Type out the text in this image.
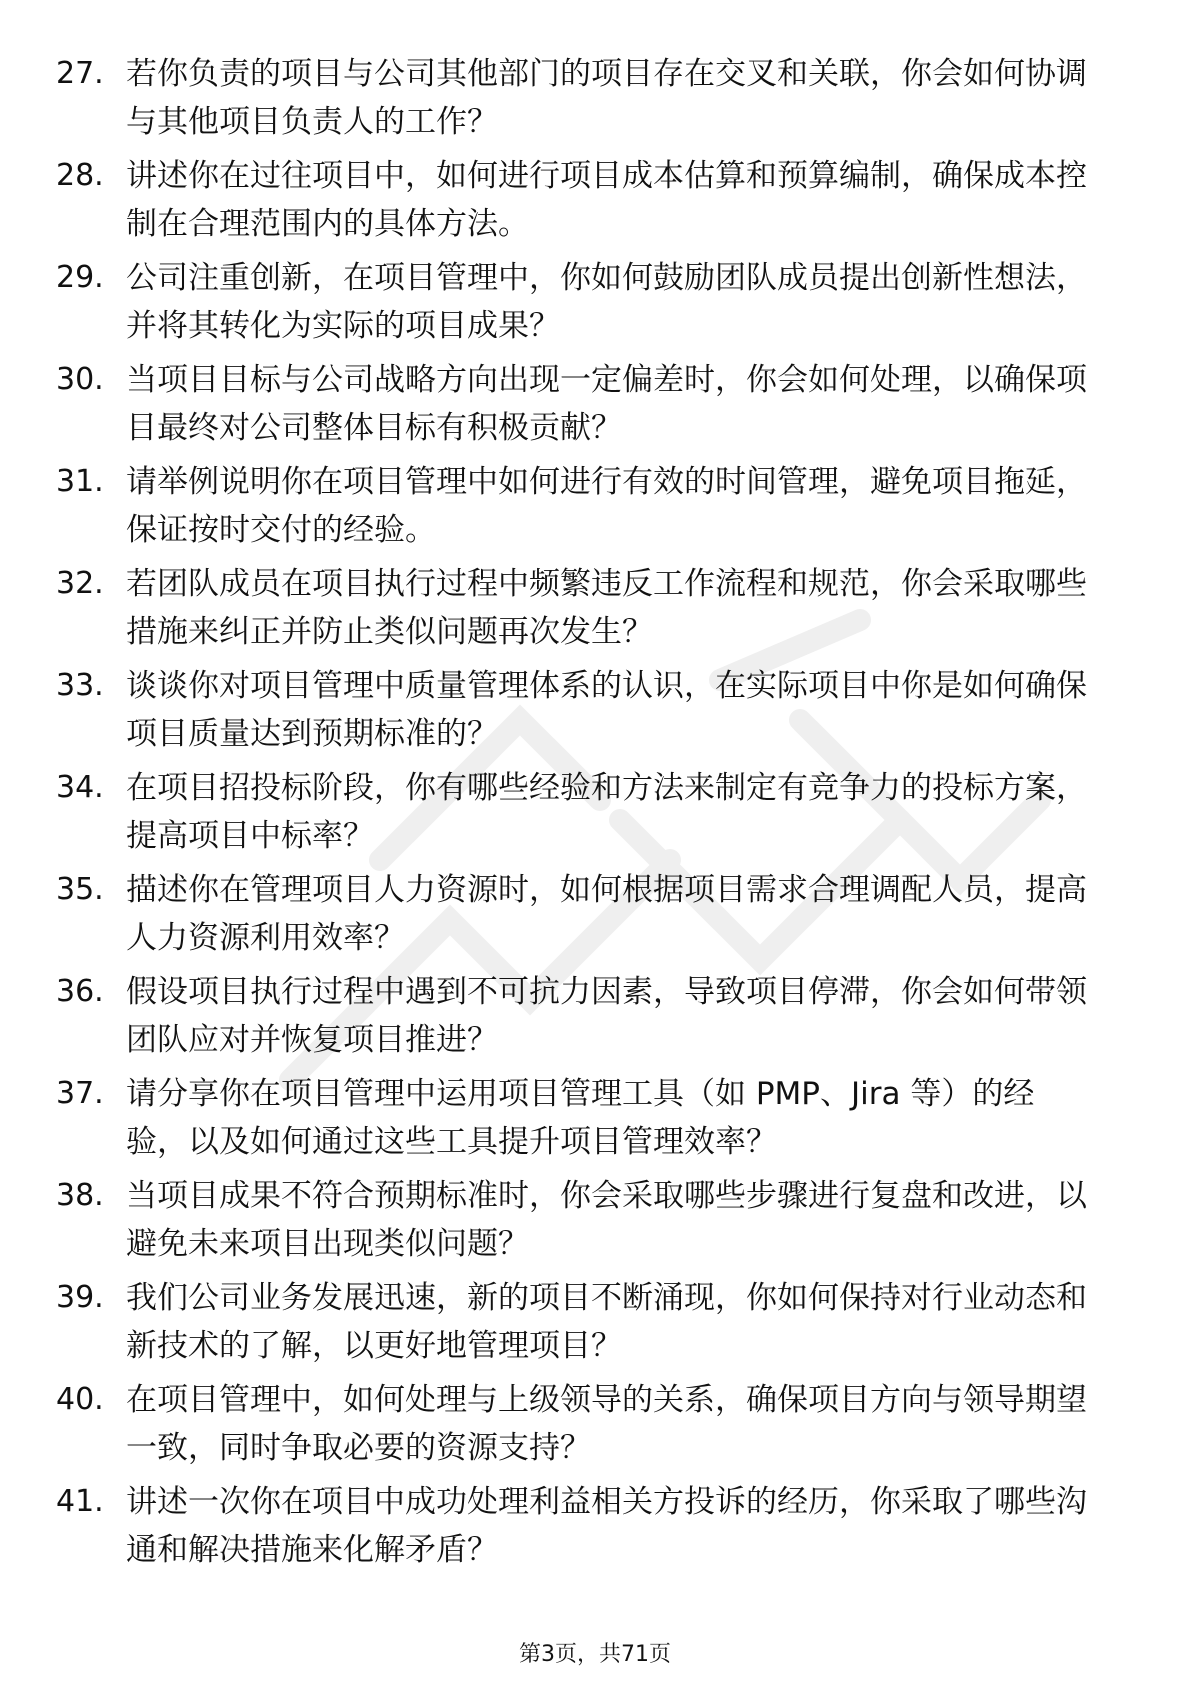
27. 若你负责的项目与公司其他部门的项目存在交叉和关联，你会如何协调与其他项目负责人的工作？
28. 讲述你在过往项目中，如何进行项目成本估算和预算编制，确保成本控制在合理范围内的具体方法。
29. 公司注重创新，在项目管理中，你如何鼓励团队成员提出创新性想法，并将其转化为实际的项目成果？
30. 当项目目标与公司战略方向出现一定偏差时，你会如何处理，以确保项目最终对公司整体目标有积极贡献？
31. 请举例说明你在项目管理中如何进行有效的时间管理，避免项目拖延，保证按时交付的经验。
32. 若团队成员在项目执行过程中频繁违反工作流程和规范，你会采取哪些措施来纠正并防止类似问题再次发生？
33. 谈谈你对项目管理中质量管理体系的认识，在实际项目中你是如何确保项目质量达到预期标准的？
34. 在项目招投标阶段，你有哪些经验和方法来制定有竞争力的投标方案，提高项目中标率？
35. 描述你在管理项目人力资源时，如何根据项目需求合理调配人员，提高人力资源利用效率？
36. 假设项目执行过程中遇到不可抗力因素，导致项目停滞，你会如何带领团队应对并恢复项目推进？
37. 请分享你在项目管理中运用项目管理工具（如 PMP、Jira 等）的经验，以及如何通过这些工具提升项目管理效率？
38. 当项目成果不符合预期标准时，你会采取哪些步骤进行复盘和改进，以避免未来项目出现类似问题？
39. 我们公司业务发展迅速，新的项目不断涌现，你如何保持对行业动态和新技术的了解，以更好地管理项目？
40. 在项目管理中，如何处理与上级领导的关系，确保项目方向与领导期望一致，同时争取必要的资源支持？
41. 讲述一次你在项目中成功处理利益相关方投诉的经历，你采取了哪些沟通和解决措施来化解矛盾？
第3页，共71页
